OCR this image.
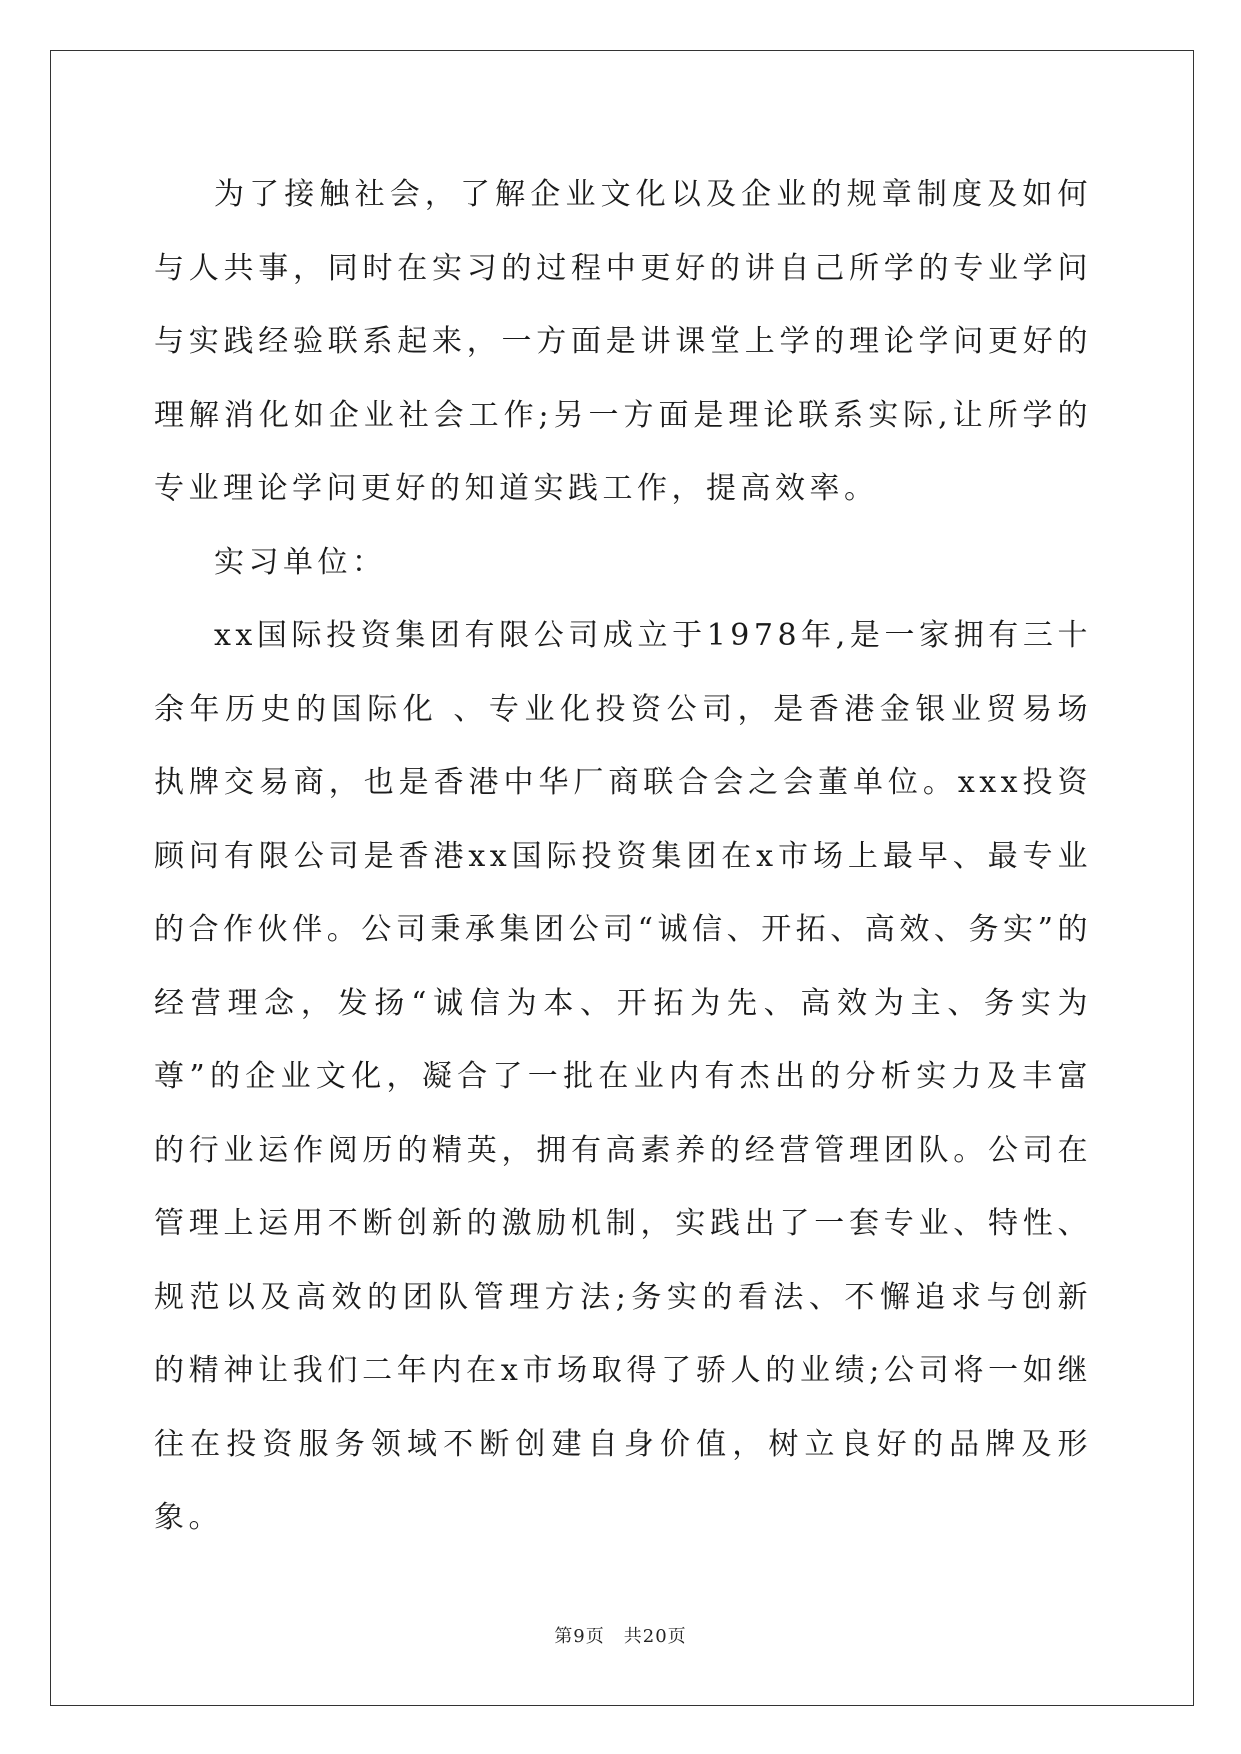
为了接触社会，了解企业文化以及企业的规章制度及如何与人共事，同时在实习的过程中更好的讲自己所学的专业学问与实践经验联系起来，一方面是讲课堂上学的理论学问更好的理解消化如企业社会工作;另一方面是理论联系实际,让所学的专业理论学问更好的知道实践工作，提高效率。

实习单位：

xx国际投资集团有限公司成立于1978年,是一家拥有三十余年历史的国际化 、专业化投资公司，是香港金银业贸易场执牌交易商，也是香港中华厂商联合会之会董单位。xxx投资顾问有限公司是香港xx国际投资集团在x市场上最早、最专业的合作伙伴。公司秉承集团公司“诚信、开拓、高效、务实”的经营理念，发扬“诚信为本、开拓为先、高效为主、务实为尊”的企业文化，凝合了一批在业内有杰出的分析实力及丰富的行业运作阅历的精英，拥有高素养的经营管理团队。公司在管理上运用不断创新的激励机制，实践出了一套专业、特性、规范以及高效的团队管理方法;务实的看法、不懈追求与创新的精神让我们二年内在x市场取得了骄人的业绩;公司将一如继往在投资服务领域不断创建自身价值，树立良好的品牌及形象。

第9页　共20页
